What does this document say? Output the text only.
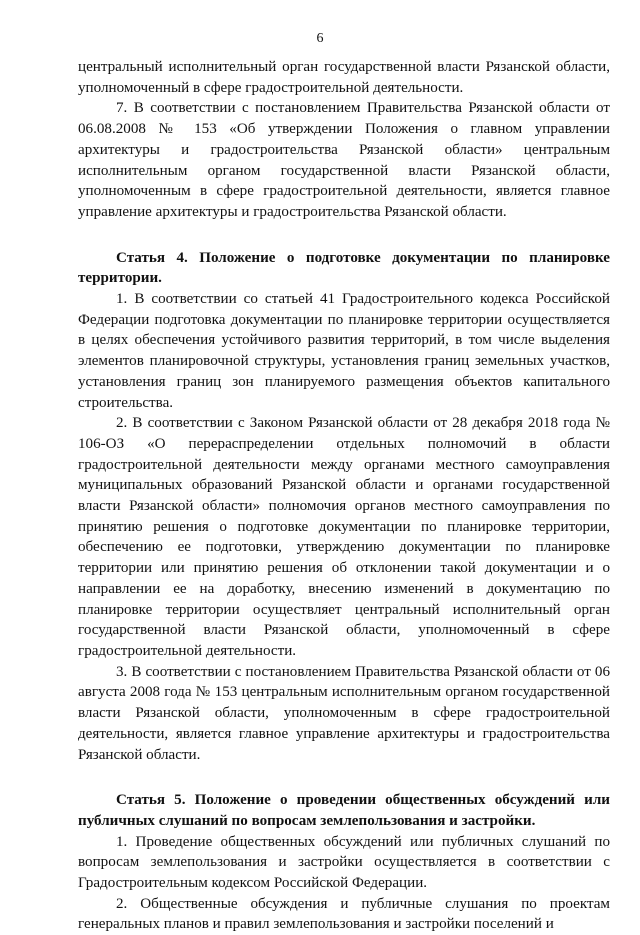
6

центральный исполнительный орган государственной власти Рязанской области, уполномоченный в сфере градостроительной деятельности.

7. В соответствии с постановлением Правительства Рязанской области от 06.08.2008 № 153 «Об утверждении Положения о главном управлении архитектуры и градостроительства Рязанской области» центральным исполнительным органом государственной власти Рязанской области, уполномоченным в сфере градостроительной деятельности, является главное управление архитектуры и градостроительства Рязанской области.

Статья 4. Положение о подготовке документации по планировке территории.

1. В соответствии со статьей 41 Градостроительного кодекса Российской Федерации подготовка документации по планировке территории осуществляется в целях обеспечения устойчивого развития территорий, в том числе выделения элементов планировочной структуры, установления границ земельных участков, установления границ зон планируемого размещения объектов капитального строительства.

2. В соответствии с Законом Рязанской области от 28 декабря 2018 года № 106-ОЗ «О перераспределении отдельных полномочий в области градостроительной деятельности между органами местного самоуправления муниципальных образований Рязанской области и органами государственной власти Рязанской области» полномочия органов местного самоуправления по принятию решения о подготовке документации по планировке территории, обеспечению ее подготовки, утверждению документации по планировке территории или принятию решения об отклонении такой документации и о направлении ее на доработку, внесению изменений в документацию по планировке территории осуществляет центральный исполнительный орган государственной власти Рязанской области, уполномоченный в сфере градостроительной деятельности.

3. В соответствии с постановлением Правительства Рязанской области от 06 августа 2008 года № 153 центральным исполнительным органом государственной власти Рязанской области, уполномоченным в сфере градостроительной деятельности, является главное управление архитектуры и градостроительства Рязанской области.

Статья 5. Положение о проведении общественных обсуждений или публичных слушаний по вопросам землепользования и застройки.

1. Проведение общественных обсуждений или публичных слушаний по вопросам землепользования и застройки осуществляется в соответствии с Градостроительным кодексом Российской Федерации.

2. Общественные обсуждения и публичные слушания по проектам генеральных планов и правил землепользования и застройки поселений и
